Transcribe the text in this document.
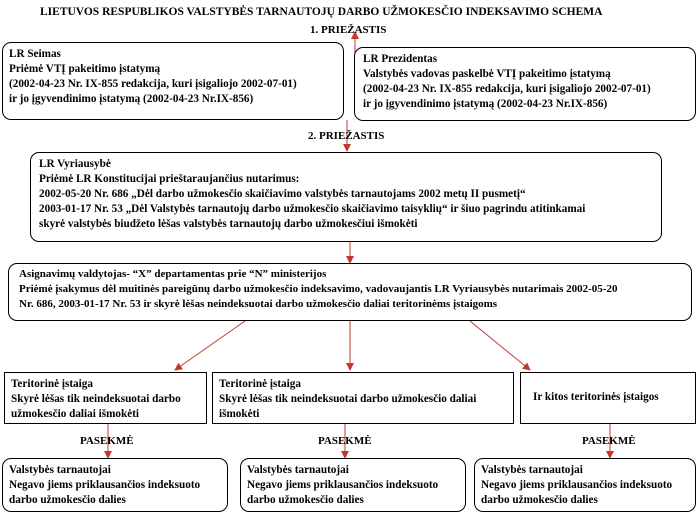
LIETUVOS RESPUBLIKOS VALSTYBĖS TARNAUTOJŲ DARBO UŽMOKESČIO INDEKSAVIMO SCHEMA
1. PRIEŽASTIS
2. PRIEŽASTIS
LR Seimas
Priėmė VTĮ pakeitimo įstatymą
(2002-04-23 Nr. IX-855 redakcija, kuri įsigaliojo 2002-07-01)
ir jo įgyvendinimo įstatymą (2002-04-23 Nr.IX-856)
LR Prezidentas
Valstybės vadovas paskelbė VTĮ pakeitimo įstatymą
(2002-04-23 Nr. IX-855 redakcija, kuri įsigaliojo 2002-07-01)
ir jo įgyvendinimo įstatymą (2002-04-23 Nr.IX-856)
LR Vyriausybė
Priėmė LR Konstitucijai prieštaraujančius nutarimus:
2002-05-20 Nr. 686 „Dėl darbo užmokesčio skaičiavimo valstybės tarnautojams 2002 metų II pusmetį“
2003-01-17 Nr. 53 „Dėl Valstybės tarnautojų darbo užmokesčio skaičiavimo taisyklių“ ir šiuo pagrindu atitinkamai
skyrė valstybės biudžeto lėšas valstybės tarnautojų darbo užmokesčiui išmokėti
Asignavimų valdytojas- “X” departamentas prie “N” ministerijos
Priėmė įsakymus dėl muitinės pareigūnų darbo užmokesčio indeksavimo, vadovaujantis LR Vyriausybės nutarimais 2002-05-20
Nr. 686, 2003-01-17 Nr. 53 ir skyrė lėšas neindeksuotai darbo užmokesčio daliai teritorinėms įstaigoms
Teritorinė įstaiga
Skyrė lėšas tik neindeksuotai darbo
užmokesčio daliai išmokėti
Teritorinė įstaiga
Skyrė lėšas tik neindeksuotai darbo užmokesčio daliai
išmokėti
Ir kitos teritorinės įstaigos
PASEKMĖ	PASEKMĖ	PASEKMĖ
Valstybės tarnautojai
Negavo jiems priklausančios indeksuoto
darbo užmokesčio dalies
Valstybės tarnautojai
Negavo jiems priklausančios indeksuoto
darbo užmokesčio dalies
Valstybės tarnautojai
Negavo jiems priklausančios indeksuoto
darbo užmokesčio dalies
